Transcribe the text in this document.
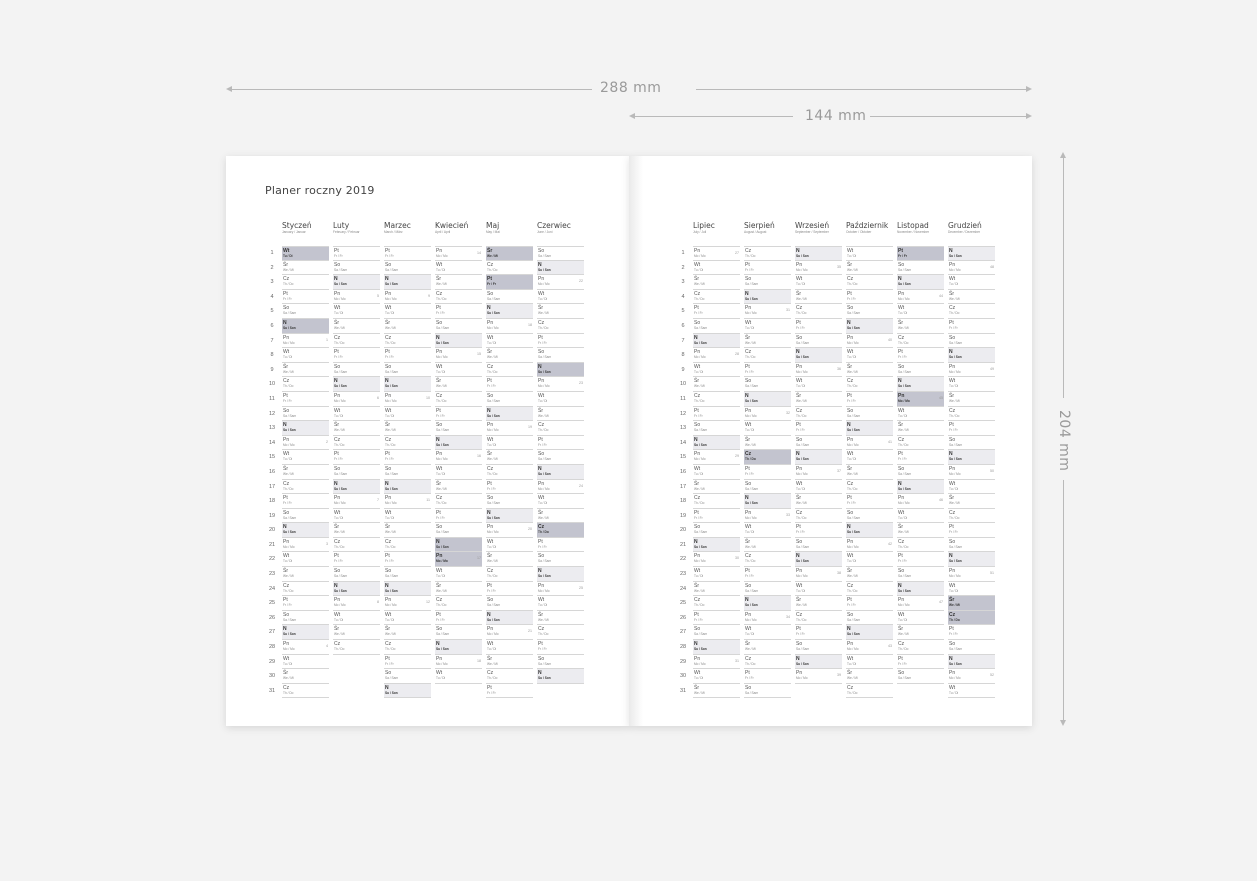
288 mm
144 mm
204 mm
Planer roczny 2019
1
2
3
4
5
6
7
8
9
10
11
12
13
14
15
16
17
18
19
20
21
22
23
24
25
26
27
28
29
30
31
Styczeń
January / Januar
Wt
Tu / Di
Śr
We / Mi
Cz
Th / Do
Pt
Fr / Fr
So
Sa / Sam
N
Su / Son
Pn
Mo / Mo
1
Wt
Tu / Di
Śr
We / Mi
Cz
Th / Do
Pt
Fr / Fr
So
Sa / Sam
N
Su / Son
Pn
Mo / Mo
2
Wt
Tu / Di
Śr
We / Mi
Cz
Th / Do
Pt
Fr / Fr
So
Sa / Sam
N
Su / Son
Pn
Mo / Mo
3
Wt
Tu / Di
Śr
We / Mi
Cz
Th / Do
Pt
Fr / Fr
So
Sa / Sam
N
Su / Son
Pn
Mo / Mo
4
Wt
Tu / Di
Śr
We / Mi
Cz
Th / Do
Luty
February / Februar
Pt
Fr / Fr
So
Sa / Sam
N
Su / Son
Pn
Mo / Mo
5
Wt
Tu / Di
Śr
We / Mi
Cz
Th / Do
Pt
Fr / Fr
So
Sa / Sam
N
Su / Son
Pn
Mo / Mo
6
Wt
Tu / Di
Śr
We / Mi
Cz
Th / Do
Pt
Fr / Fr
So
Sa / Sam
N
Su / Son
Pn
Mo / Mo
7
Wt
Tu / Di
Śr
We / Mi
Cz
Th / Do
Pt
Fr / Fr
So
Sa / Sam
N
Su / Son
Pn
Mo / Mo
8
Wt
Tu / Di
Śr
We / Mi
Cz
Th / Do
Marzec
March / März
Pt
Fr / Fr
So
Sa / Sam
N
Su / Son
Pn
Mo / Mo
9
Wt
Tu / Di
Śr
We / Mi
Cz
Th / Do
Pt
Fr / Fr
So
Sa / Sam
N
Su / Son
Pn
Mo / Mo
10
Wt
Tu / Di
Śr
We / Mi
Cz
Th / Do
Pt
Fr / Fr
So
Sa / Sam
N
Su / Son
Pn
Mo / Mo
11
Wt
Tu / Di
Śr
We / Mi
Cz
Th / Do
Pt
Fr / Fr
So
Sa / Sam
N
Su / Son
Pn
Mo / Mo
12
Wt
Tu / Di
Śr
We / Mi
Cz
Th / Do
Pt
Fr / Fr
So
Sa / Sam
N
Su / Son
Kwiecień
April / April
Pn
Mo / Mo
14
Wt
Tu / Di
Śr
We / Mi
Cz
Th / Do
Pt
Fr / Fr
So
Sa / Sam
N
Su / Son
Pn
Mo / Mo
15
Wt
Tu / Di
Śr
We / Mi
Cz
Th / Do
Pt
Fr / Fr
So
Sa / Sam
N
Su / Son
Pn
Mo / Mo
16
Wt
Tu / Di
Śr
We / Mi
Cz
Th / Do
Pt
Fr / Fr
So
Sa / Sam
N
Su / Son
Pn
Mo / Mo
17
Wt
Tu / Di
Śr
We / Mi
Cz
Th / Do
Pt
Fr / Fr
So
Sa / Sam
N
Su / Son
Pn
Mo / Mo
18
Wt
Tu / Di
Maj
May / Mai
Śr
We / Mi
Cz
Th / Do
Pt
Fr / Fr
So
Sa / Sam
N
Su / Son
Pn
Mo / Mo
18
Wt
Tu / Di
Śr
We / Mi
Cz
Th / Do
Pt
Fr / Fr
So
Sa / Sam
N
Su / Son
Pn
Mo / Mo
19
Wt
Tu / Di
Śr
We / Mi
Cz
Th / Do
Pt
Fr / Fr
So
Sa / Sam
N
Su / Son
Pn
Mo / Mo
20
Wt
Tu / Di
Śr
We / Mi
Cz
Th / Do
Pt
Fr / Fr
So
Sa / Sam
N
Su / Son
Pn
Mo / Mo
21
Wt
Tu / Di
Śr
We / Mi
Cz
Th / Do
Pt
Fr / Fr
Czerwiec
June / Juni
So
Sa / Sam
N
Su / Son
Pn
Mo / Mo
22
Wt
Tu / Di
Śr
We / Mi
Cz
Th / Do
Pt
Fr / Fr
So
Sa / Sam
N
Su / Son
Pn
Mo / Mo
23
Wt
Tu / Di
Śr
We / Mi
Cz
Th / Do
Pt
Fr / Fr
So
Sa / Sam
N
Su / Son
Pn
Mo / Mo
24
Wt
Tu / Di
Śr
We / Mi
Cz
Th / Do
Pt
Fr / Fr
So
Sa / Sam
N
Su / Son
Pn
Mo / Mo
25
Wt
Tu / Di
Śr
We / Mi
Cz
Th / Do
Pt
Fr / Fr
So
Sa / Sam
N
Su / Son
1
2
3
4
5
6
7
8
9
10
11
12
13
14
15
16
17
18
19
20
21
22
23
24
25
26
27
28
29
30
31
Lipiec
July / Juli
Pn
Mo / Mo
27
Wt
Tu / Di
Śr
We / Mi
Cz
Th / Do
Pt
Fr / Fr
So
Sa / Sam
N
Su / Son
Pn
Mo / Mo
28
Wt
Tu / Di
Śr
We / Mi
Cz
Th / Do
Pt
Fr / Fr
So
Sa / Sam
N
Su / Son
Pn
Mo / Mo
29
Wt
Tu / Di
Śr
We / Mi
Cz
Th / Do
Pt
Fr / Fr
So
Sa / Sam
N
Su / Son
Pn
Mo / Mo
30
Wt
Tu / Di
Śr
We / Mi
Cz
Th / Do
Pt
Fr / Fr
So
Sa / Sam
N
Su / Son
Pn
Mo / Mo
31
Wt
Tu / Di
Śr
We / Mi
Sierpień
August / August
Cz
Th / Do
Pt
Fr / Fr
So
Sa / Sam
N
Su / Son
Pn
Mo / Mo
31
Wt
Tu / Di
Śr
We / Mi
Cz
Th / Do
Pt
Fr / Fr
So
Sa / Sam
N
Su / Son
Pn
Mo / Mo
32
Wt
Tu / Di
Śr
We / Mi
Cz
Th / Do
Pt
Fr / Fr
So
Sa / Sam
N
Su / Son
Pn
Mo / Mo
33
Wt
Tu / Di
Śr
We / Mi
Cz
Th / Do
Pt
Fr / Fr
So
Sa / Sam
N
Su / Son
Pn
Mo / Mo
34
Wt
Tu / Di
Śr
We / Mi
Cz
Th / Do
Pt
Fr / Fr
So
Sa / Sam
Wrzesień
September / September
N
Su / Son
Pn
Mo / Mo
35
Wt
Tu / Di
Śr
We / Mi
Cz
Th / Do
Pt
Fr / Fr
So
Sa / Sam
N
Su / Son
Pn
Mo / Mo
36
Wt
Tu / Di
Śr
We / Mi
Cz
Th / Do
Pt
Fr / Fr
So
Sa / Sam
N
Su / Son
Pn
Mo / Mo
37
Wt
Tu / Di
Śr
We / Mi
Cz
Th / Do
Pt
Fr / Fr
So
Sa / Sam
N
Su / Son
Pn
Mo / Mo
38
Wt
Tu / Di
Śr
We / Mi
Cz
Th / Do
Pt
Fr / Fr
So
Sa / Sam
N
Su / Son
Pn
Mo / Mo
39
Październik
October / Oktober
Wt
Tu / Di
Śr
We / Mi
Cz
Th / Do
Pt
Fr / Fr
So
Sa / Sam
N
Su / Son
Pn
Mo / Mo
40
Wt
Tu / Di
Śr
We / Mi
Cz
Th / Do
Pt
Fr / Fr
So
Sa / Sam
N
Su / Son
Pn
Mo / Mo
41
Wt
Tu / Di
Śr
We / Mi
Cz
Th / Do
Pt
Fr / Fr
So
Sa / Sam
N
Su / Son
Pn
Mo / Mo
42
Wt
Tu / Di
Śr
We / Mi
Cz
Th / Do
Pt
Fr / Fr
So
Sa / Sam
N
Su / Son
Pn
Mo / Mo
43
Wt
Tu / Di
Śr
We / Mi
Cz
Th / Do
Listopad
November / November
Pt
Fr / Fr
So
Sa / Sam
N
Su / Son
Pn
Mo / Mo
44
Wt
Tu / Di
Śr
We / Mi
Cz
Th / Do
Pt
Fr / Fr
So
Sa / Sam
N
Su / Son
Pn
Mo / Mo
45
Wt
Tu / Di
Śr
We / Mi
Cz
Th / Do
Pt
Fr / Fr
So
Sa / Sam
N
Su / Son
Pn
Mo / Mo
46
Wt
Tu / Di
Śr
We / Mi
Cz
Th / Do
Pt
Fr / Fr
So
Sa / Sam
N
Su / Son
Pn
Mo / Mo
47
Wt
Tu / Di
Śr
We / Mi
Cz
Th / Do
Pt
Fr / Fr
So
Sa / Sam
Grudzień
December / Dezember
N
Su / Son
Pn
Mo / Mo
48
Wt
Tu / Di
Śr
We / Mi
Cz
Th / Do
Pt
Fr / Fr
So
Sa / Sam
N
Su / Son
Pn
Mo / Mo
49
Wt
Tu / Di
Śr
We / Mi
Cz
Th / Do
Pt
Fr / Fr
So
Sa / Sam
N
Su / Son
Pn
Mo / Mo
50
Wt
Tu / Di
Śr
We / Mi
Cz
Th / Do
Pt
Fr / Fr
So
Sa / Sam
N
Su / Son
Pn
Mo / Mo
51
Wt
Tu / Di
Śr
We / Mi
Cz
Th / Do
Pt
Fr / Fr
So
Sa / Sam
N
Su / Son
Pn
Mo / Mo
52
Wt
Tu / Di
